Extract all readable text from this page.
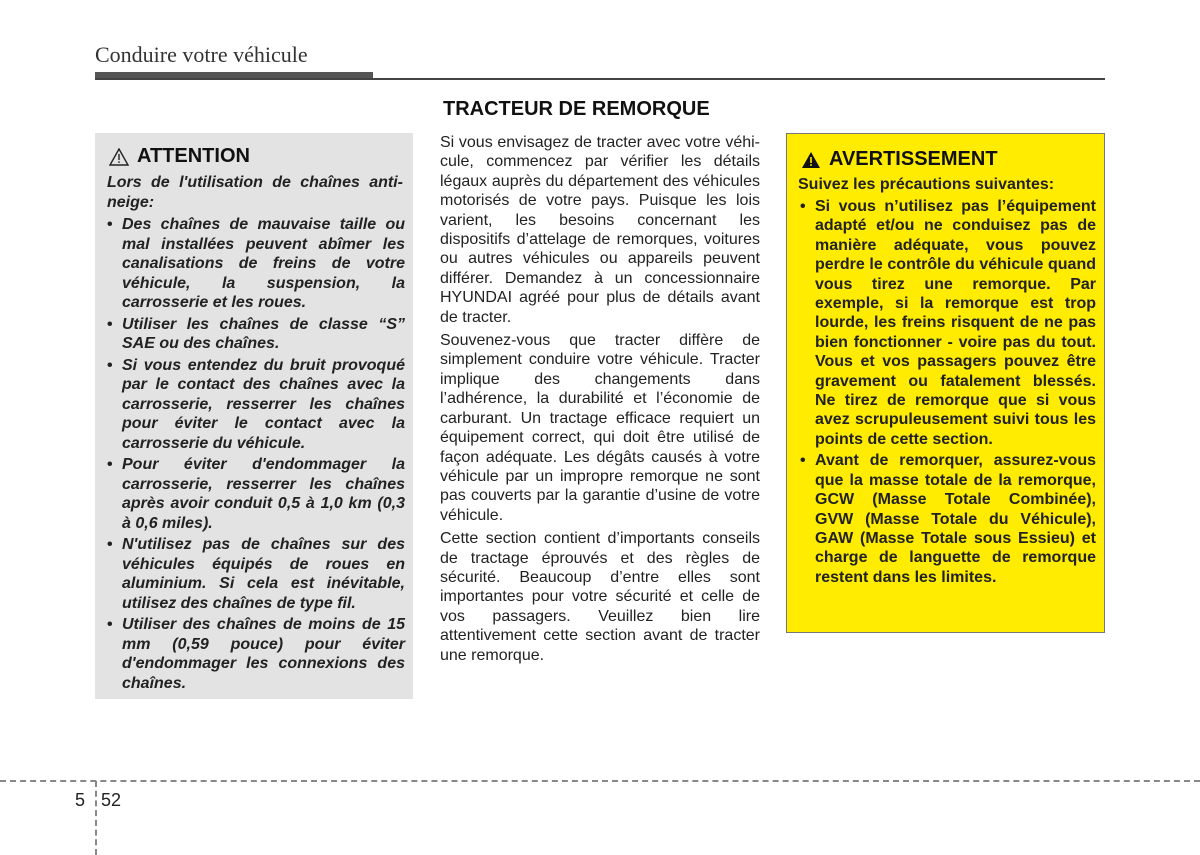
Conduire votre véhicule
TRACTEUR DE REMORQUE
ATTENTION
Lors de l'utilisation de chaînes anti-neige:
• Des chaînes de mauvaise taille ou mal installées peuvent abîmer les canalisations de freins de votre véhicule, la suspension, la carrosserie et les roues.
• Utiliser les chaînes de classe “S” SAE ou des chaînes.
• Si vous entendez du bruit provoqué par le contact des chaînes avec la carrosserie, resserrer les chaînes pour éviter le contact avec la carrosserie du véhicule.
• Pour éviter d'endommager la carrosserie, resserrer les chaînes après avoir conduit 0,5 à 1,0 km (0,3 à 0,6 miles).
• N'utilisez pas de chaînes sur des véhicules équipés de roues en aluminium. Si cela est inévitable, utilisez des chaînes de type fil.
• Utiliser des chaînes de moins de 15 mm (0,59 pouce) pour éviter d'endommager les connexions des chaînes.

Si vous envisagez de tracter avec votre véhi-cule, commencez par vérifier les détails légaux auprès du département des véhicules motorisés de votre pays. Puisque les lois varient, les besoins concernant les dispositifs d’attelage de remorques, voitures ou autres véhicules ou appareils peuvent différer. Demandez à un concessionnaire HYUNDAI agréé pour plus de détails avant de tracter.

Souvenez-vous que tracter diffère de simplement conduire votre véhicule. Tracter implique des changements dans l’adhérence, la durabilité et l’économie de carburant. Un tractage efficace requiert un équipement correct, qui doit être utilisé de façon adéquate. Les dégâts causés à votre véhicule par un impropre remorque ne sont pas couverts par la garantie d’usine de votre véhicule.

Cette section contient d’importants conseils de tractage éprouvés et des règles de sécurité. Beaucoup d’entre elles sont importantes pour votre sécurité et celle de vos passagers. Veuillez bien lire attentivement cette section avant de tracter une remorque.

AVERTISSEMENT
Suivez les précautions suivantes:
• Si vous n’utilisez pas l’équipement adapté et/ou ne conduisez pas de manière adéquate, vous pouvez perdre le contrôle du véhicule quand vous tirez une remorque. Par exemple, si la remorque est trop lourde, les freins risquent de ne pas bien fonctionner - voire pas du tout. Vous et vos passagers pouvez être gravement ou fatalement blessés. Ne tirez de remorque que si vous avez scrupuleusement suivi tous les points de cette section.
• Avant de remorquer, assurez-vous que la masse totale de la remorque, GCW (Masse Totale Combinée), GVW (Masse Totale du Véhicule), GAW (Masse Totale sous Essieu) et charge de languette de remorque restent dans les limites.
5 52
